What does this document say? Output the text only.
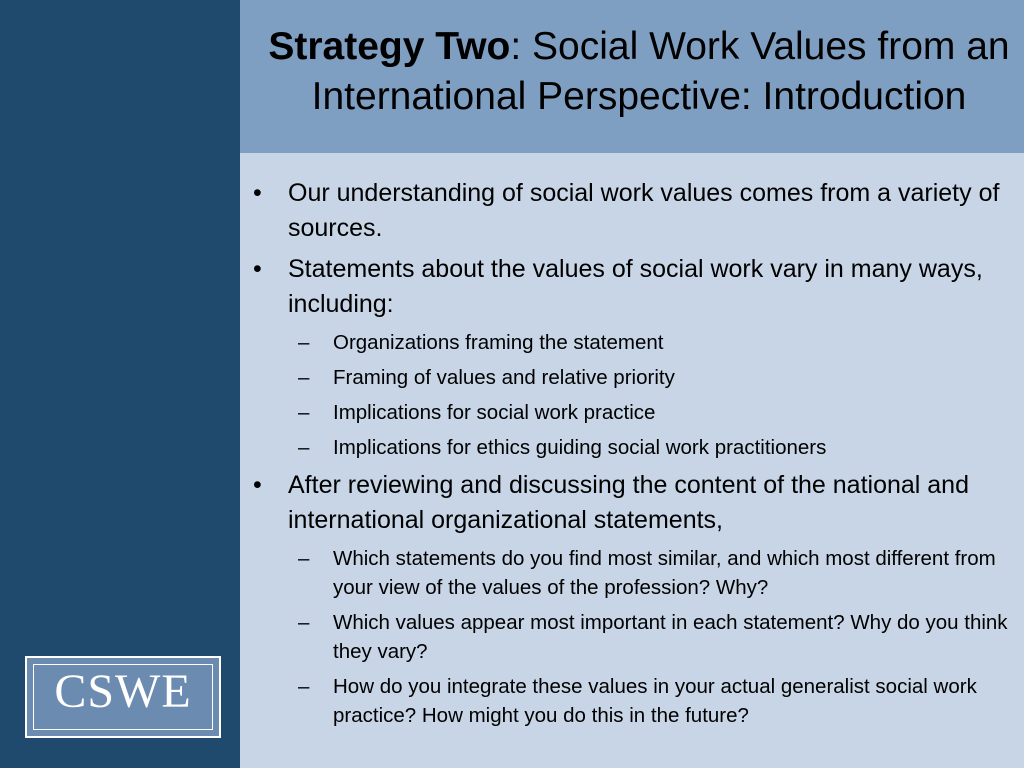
Strategy Two: Social Work Values from an International Perspective: Introduction
• Our understanding of social work values comes from a variety of sources.
• Statements about the values of social work vary in many ways, including:
– Organizations framing the statement
– Framing of values and relative priority
– Implications for social work practice
– Implications for ethics guiding social work practitioners
• After reviewing and discussing the content of the national and international organizational statements,
– Which statements do you find most similar, and which most different from your view of the values of the profession? Why?
– Which values appear most important in each statement? Why do you think they vary?
– How do you integrate these values in your actual generalist social work practice? How might you do this in the future?
CSWE
